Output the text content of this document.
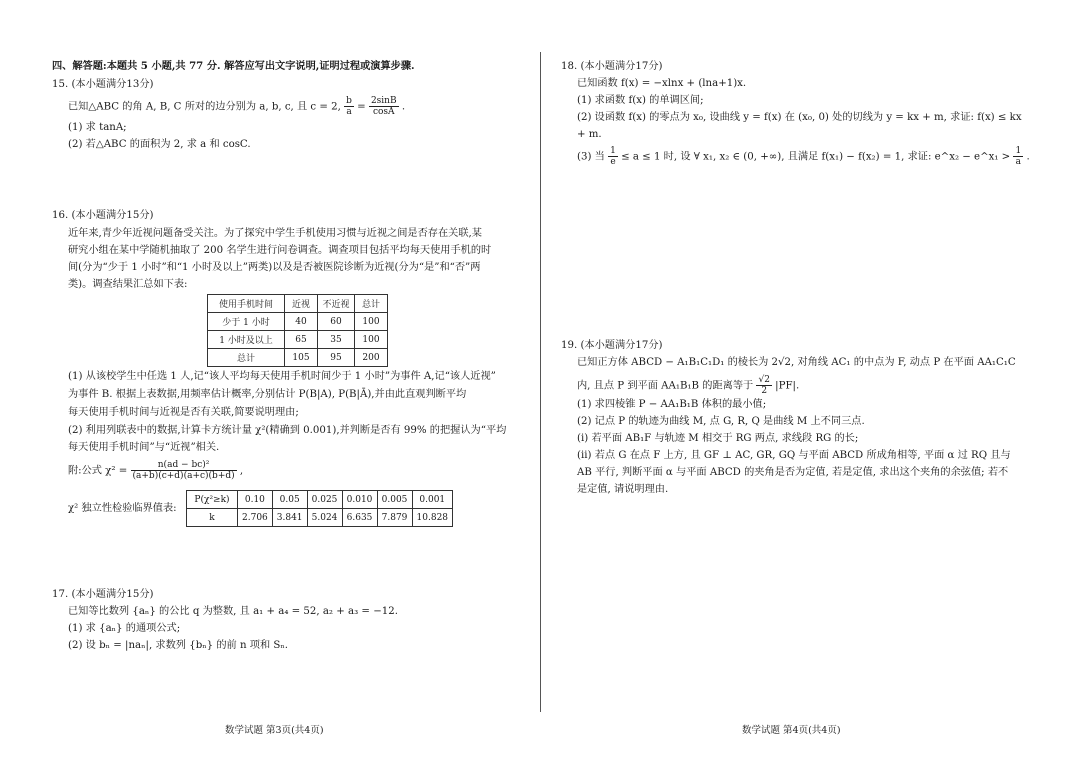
四、解答题:本题共 5 小题,共 77 分. 解答应写出文字说明,证明过程或演算步骤.
15. (本小题满分13分)
已知△ABC 的角 A, B, C 所对的边分别为 a, b, c, 且 c = 2, $\frac{b}{a} = \frac{2\sin B}{\cos A}$ .
(1) 求 tanA;
(2) 若△ABC 的面积为 2, 求 a 和 cosC.
16. (本小题满分15分)
近年来,青少年近视问题备受关注。为了探究中学生手机使用习惯与近视之间是否存在关联,某
研究小组在某中学随机抽取了 200 名学生进行问卷调查。调查项目包括平均每天使用手机的时
间(分为“少于 1 小时”和“1 小时及以上”两类)以及是否被医院诊断为近视(分为“是”和“否”两
类)。调查结果汇总如下表:
使用手机时间	近视	不近视	总计
少于 1 小时	40	60	100
1 小时及以上	65	35	100
总计	105	95	200
(1) 从该校学生中任选 1 人,记“该人平均每天使用手机时间少于 1 小时”为事件 A,记“该人近视”
为事件 B. 根据上表数据,用频率估计概率,分别估计 P(B|A), P(B|Ā),并由此直观判断平均
每天使用手机时间与近视是否有关联,简要说明理由;
(2) 利用列联表中的数据,计算卡方统计量 χ²(精确到 0.001),并判断是否有 99% 的把握认为“平均
每天使用手机时间”与“近视”相关.
附:公式 $\chi^2 = \frac{\text{n(ad − bc)²}}{(a+b)(c+d)(a+c)(b+d)}$ ,
χ² 独立性检验临界值表:
P(χ²≥k)	0.10	0.05	0.025	0.010	0.005	0.001
k	2.706	3.841	5.024	6.635	7.879	10.828
17. (本小题满分15分)
已知等比数列 {aₙ} 的公比 q 为整数, 且 a₁ + a₄ = 52, a₂ + a₃ = −12.
(1) 求 {aₙ} 的通项公式;
(2) 设 bₙ = |naₙ|, 求数列 {bₙ} 的前 n 项和 Sₙ.
数学试题 第3页(共4页)
18. (本小题满分17分)
已知函数 f(x) = −xlnx + (lna+1)x.
(1) 求函数 f(x) 的单调区间;
(2) 设函数 f(x) 的零点为 x₀, 设曲线 y = f(x) 在 (x₀, 0) 处的切线为 y = kx + m, 求证: f(x) ≤ kx
+ m.
(3) 当 $\frac{1}{e} \le a \le 1$ 时, 设 ∀ x₁, x₂ ∈ (0, +∞), 且满足 f(x₁) − f(x₂) = 1, 求证: e^x₂ − e^x₁ > $\frac{1}{a}$ .
19. (本小题满分17分)
已知正方体 ABCD − A₁B₁C₁D₁ 的棱长为 2√2, 对角线 AC₁ 的中点为 F, 动点 P 在平面 AA₁C₁C
内, 且点 P 到平面 AA₁B₁B 的距离等于 $\frac{√2}{2} |PF|$.
(1) 求四棱锥 P − AA₁B₁B 体积的最小值;
(2) 记点 P 的轨迹为曲线 M, 点 G, R, Q 是曲线 M 上不同三点.
(i) 若平面 AB₁F 与轨迹 M 相交于 RG 两点, 求线段 RG 的长;
(ii) 若点 G 在点 F 上方, 且 GF ⊥ AC, GR, GQ 与平面 ABCD 所成角相等, 平面 α 过 RQ 且与
AB 平行, 判断平面 α 与平面 ABCD 的夹角是否为定值, 若是定值, 求出这个夹角的余弦值; 若不
是定值, 请说明理由.
数学试题 第4页(共4页)
